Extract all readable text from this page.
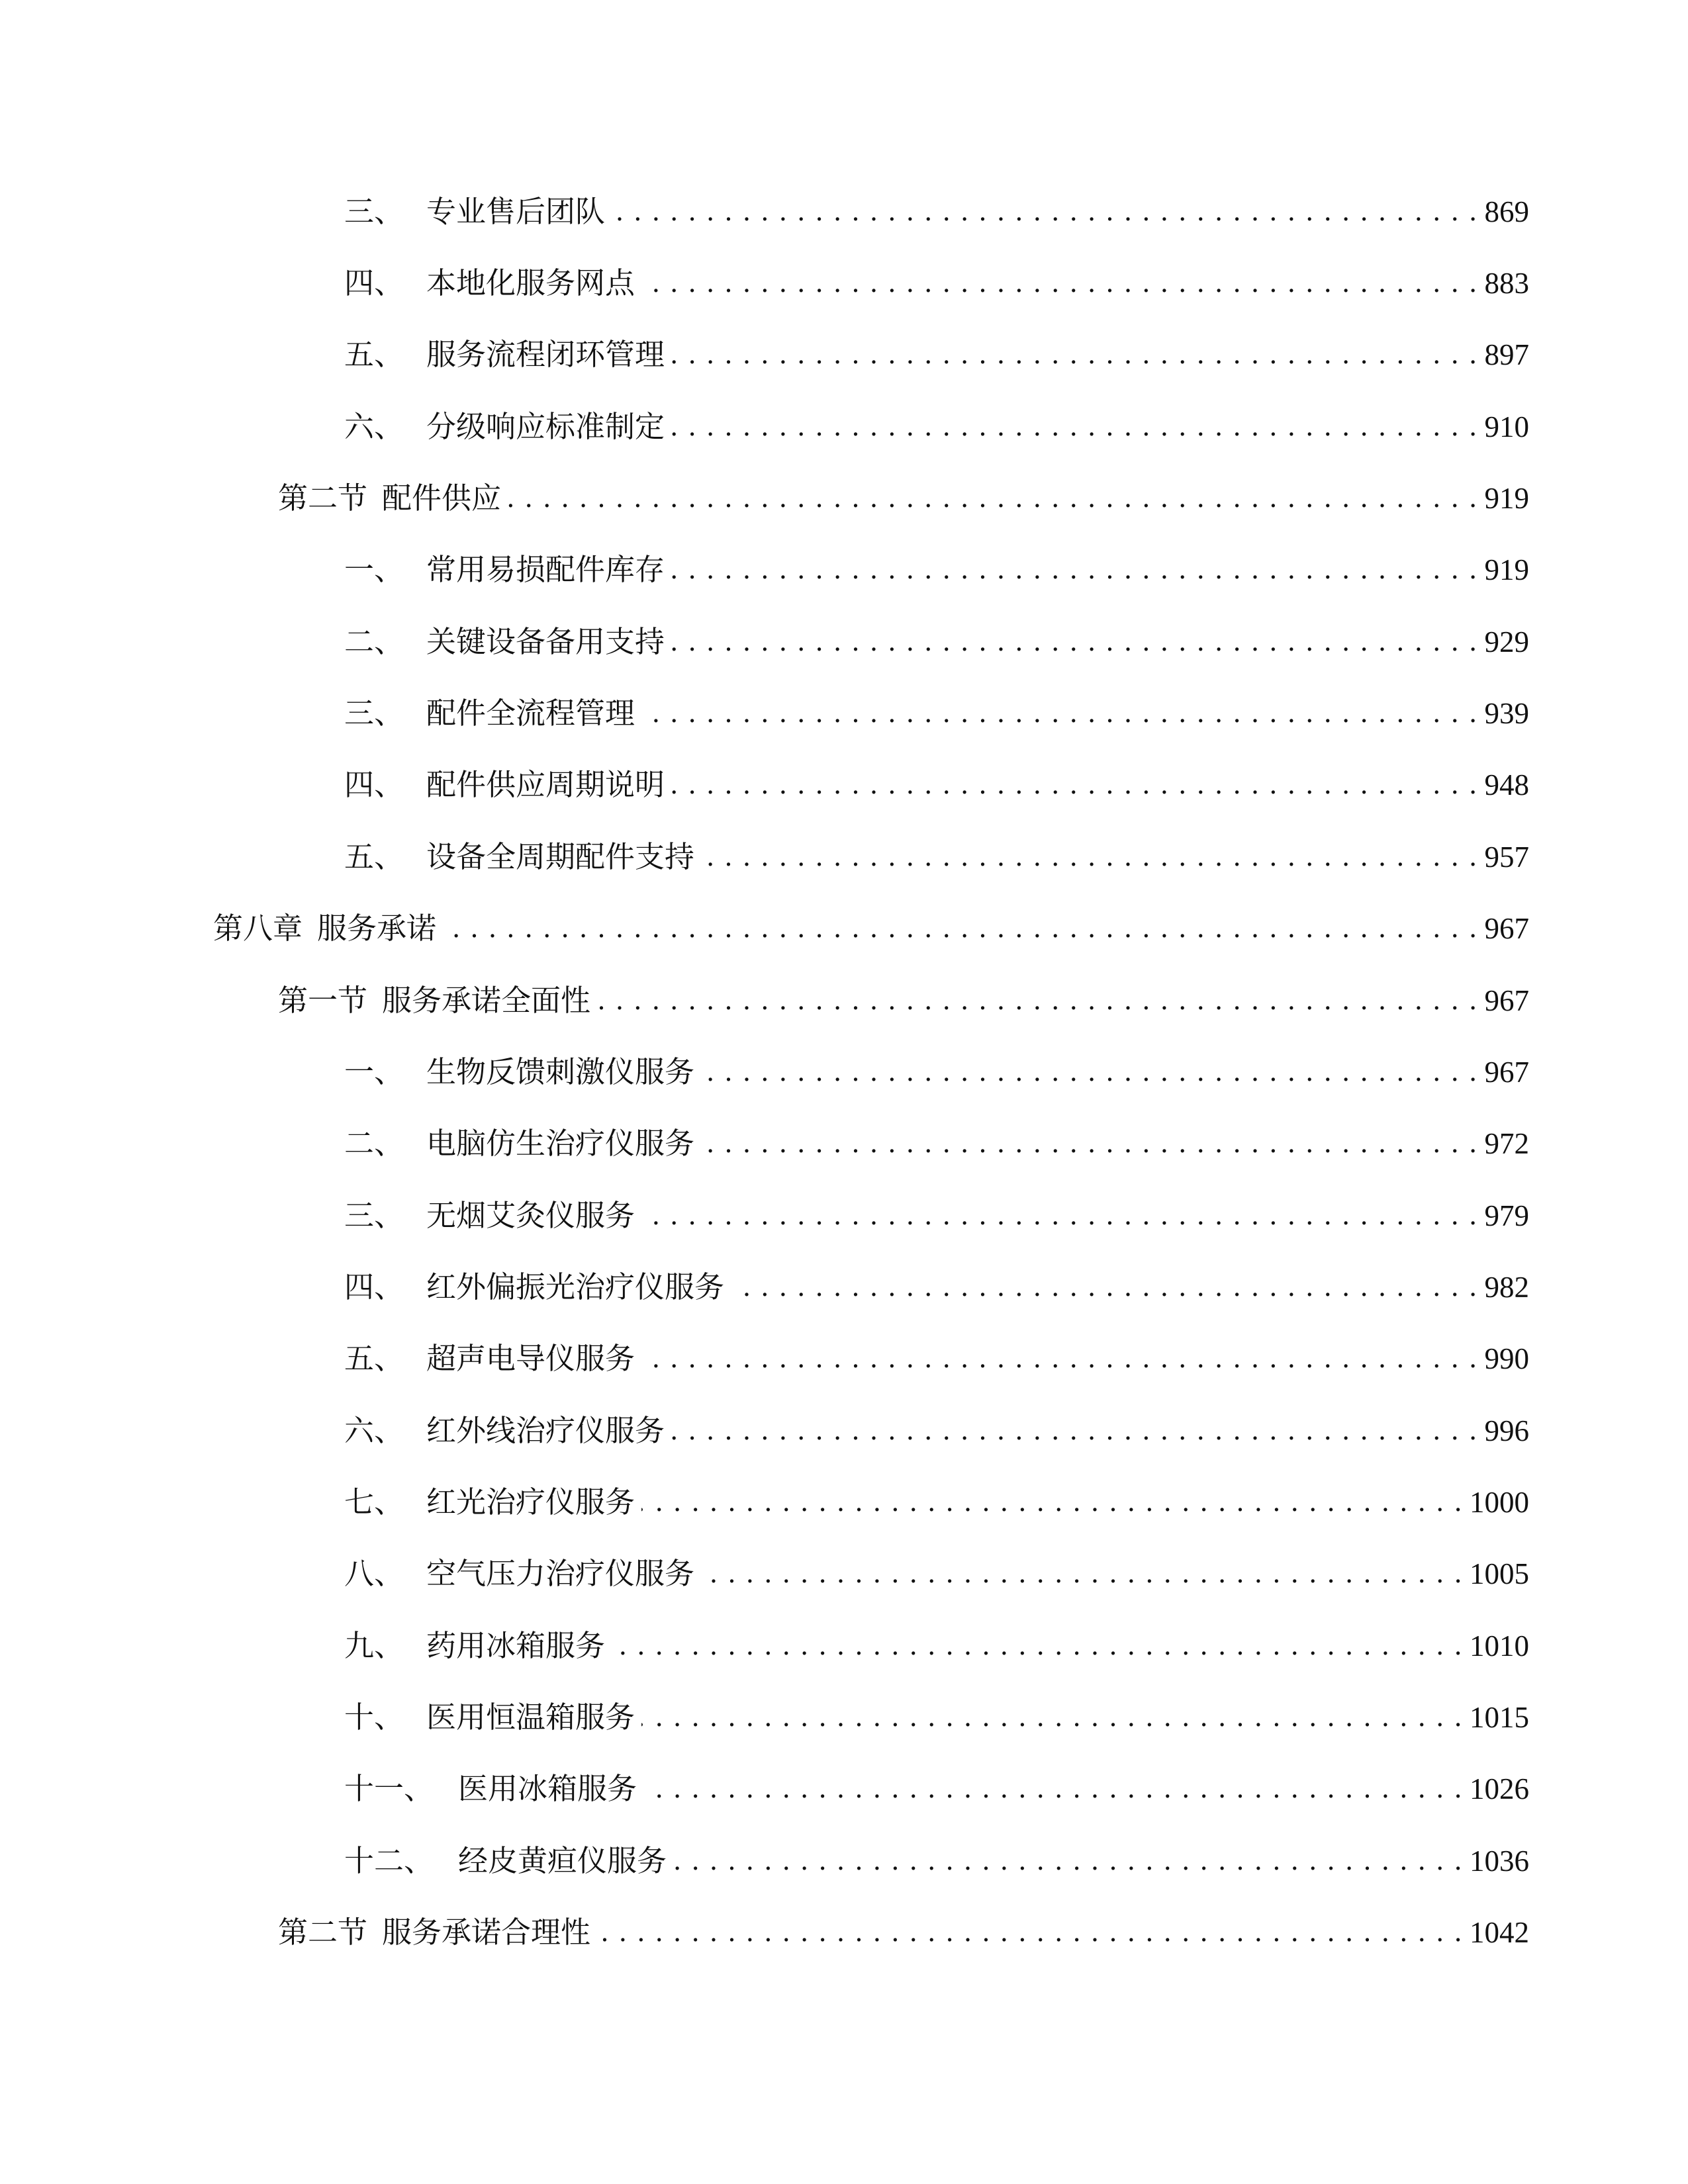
三、 专业售后团队 . . .	869
四、 本地化服务网点 . . .	883
五、 服务流程闭环管理 . . .	897
六、 分级响应标准制定 . . .	910
第二节 配件供应 . . .	919
一、 常用易损配件库存 . . .	919
二、 关键设备备用支持 . . .	929
三、 配件全流程管理 . . .	939
四、 配件供应周期说明 . . .	948
五、 设备全周期配件支持 . . .	957
第八章 服务承诺 . . .	967
第一节 服务承诺全面性 . . .	967
一、 生物反馈刺激仪服务 . . .	967
二、 电脑仿生治疗仪服务 . . .	972
三、 无烟艾灸仪服务 . . .	979
四、 红外偏振光治疗仪服务 . . .	982
五、 超声电导仪服务 . . .	990
六、 红外线治疗仪服务 . . .	996
七、 红光治疗仪服务 . . .	1000
八、 空气压力治疗仪服务 . . .	1005
九、 药用冰箱服务 . . .	1010
十、 医用恒温箱服务 . . .	1015
十一、 医用冰箱服务 . . .	1026
十二、 经皮黄疸仪服务 . . .	1036
第二节 服务承诺合理性 . . .	1042
